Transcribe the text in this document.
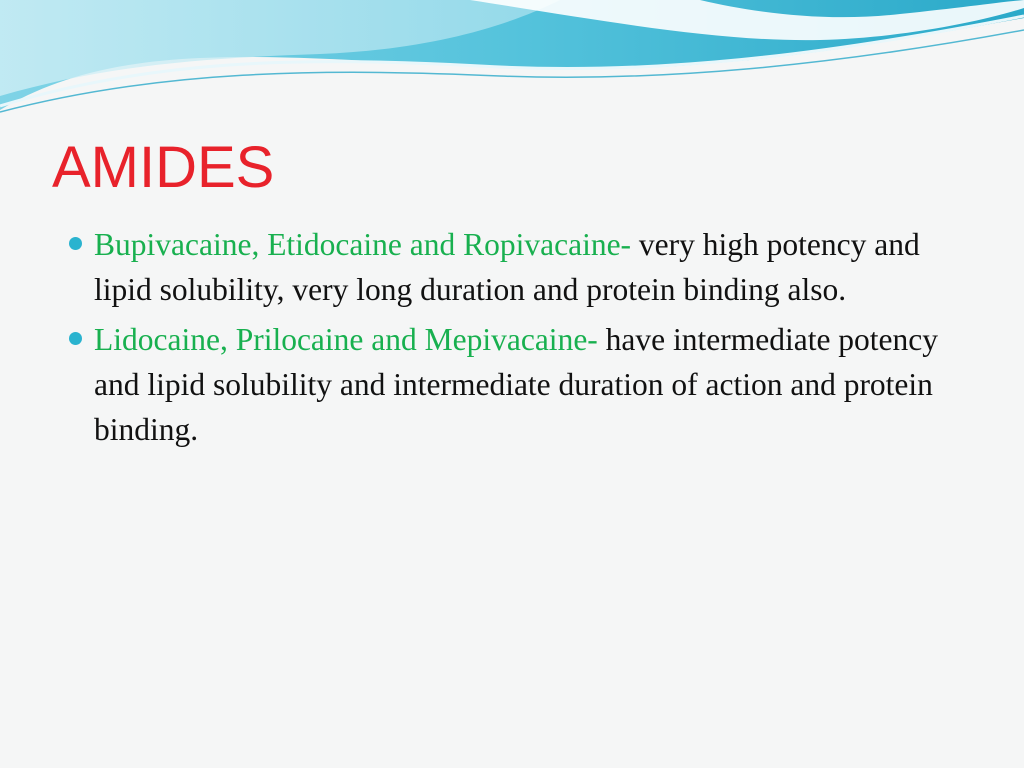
AMIDES
Bupivacaine, Etidocaine and Ropivacaine- very high potency and lipid solubility, very long duration and protein binding also.
Lidocaine, Prilocaine and Mepivacaine- have intermediate potency and lipid solubility and intermediate duration of action and protein binding.
